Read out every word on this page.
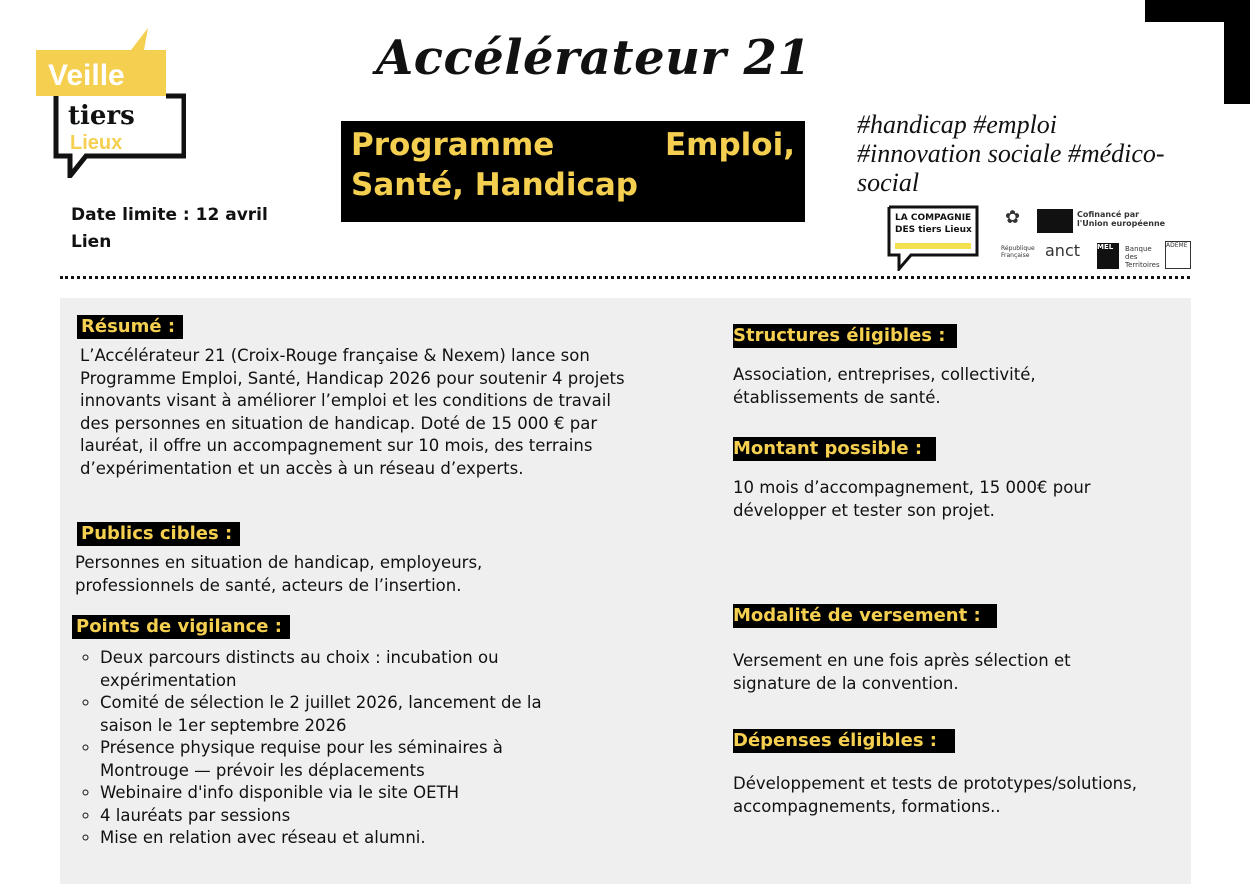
Veille
tiers
Lieux
Accélérateur 21
Programme Emploi, Santé, Handicap
#handicap #emploi #innovation sociale #médico-social
Date limite : 12 avril
Lien
LA COMPAGNIE DES tiers Lieux
✿	Cofinancé par l'Union européenne
République Française anct MEL	Banque des Territoires
ADEME
Résumé :
L’Accélérateur 21 (Croix-Rouge française & Nexem) lance son Programme Emploi, Santé, Handicap 2026 pour soutenir 4 projets innovants visant à améliorer l’emploi et les conditions de travail des personnes en situation de handicap. Doté de 15 000 € par lauréat, il offre un accompagnement sur 10 mois, des terrains d’expérimentation et un accès à un réseau d’experts.
Publics cibles :
Personnes en situation de handicap, employeurs, professionnels de santé, acteurs de l’insertion.
Points de vigilance :
◦ Deux parcours distincts au choix : incubation ou expérimentation
◦ Comité de sélection le 2 juillet 2026, lancement de la saison le 1er septembre 2026
◦ Présence physique requise pour les séminaires à Montrouge — prévoir les déplacements
◦ Webinaire d'info disponible via le site OETH
◦ 4 lauréats par sessions
◦ Mise en relation avec réseau et alumni.
Structures éligibles :
Association, entreprises, collectivité, établissements de santé.
Montant possible :
10 mois d’accompagnement, 15 000€ pour développer et tester son projet.
Modalité de versement :
Versement en une fois après sélection et signature de la convention.
Dépenses éligibles :
Développement et tests de prototypes/solutions, accompagnements, formations..
